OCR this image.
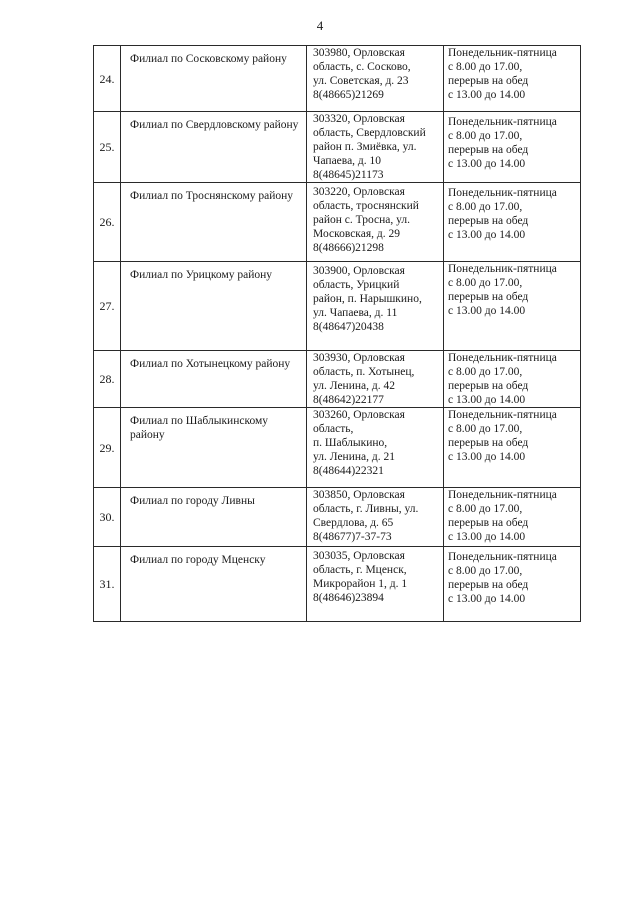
4
24.	Филиал по Сосковскому району	303980, Орловская
область, с. Сосково,
ул. Советская, д. 23
8(48665)21269	Понедельник-пятница
с 8.00 до 17.00,
перерыв на обед
с 13.00 до 14.00

25.	Филиал по Свердловскому району	303320, Орловская
область, Свердловский
район п. Змиёвка, ул.
Чапаева, д. 10
8(48645)21173	Понедельник-пятница
с 8.00 до 17.00,
перерыв на обед
с 13.00 до 14.00

26.	Филиал по Троснянскому району	303220, Орловская
область, троснянский
район с. Тросна, ул.
Московская, д. 29
8(48666)21298	Понедельник-пятница
с 8.00 до 17.00,
перерыв на обед
с 13.00 до 14.00

27.	Филиал по Урицкому району	303900, Орловская
область, Урицкий
район, п. Нарышкино,
ул. Чапаева, д. 11
8(48647)20438	Понедельник-пятница
с 8.00 до 17.00,
перерыв на обед
с 13.00 до 14.00

28.	Филиал по Хотынецкому району	303930, Орловская
область, п. Хотынец,
ул. Ленина, д. 42
8(48642)22177	Понедельник-пятница
с 8.00 до 17.00,
перерыв на обед
с 13.00 до 14.00

29.	Филиал по Шаблыкинскому району	303260, Орловская
область,
п. Шаблыкино,
ул. Ленина, д. 21
8(48644)22321	Понедельник-пятница
с 8.00 до 17.00,
перерыв на обед
с 13.00 до 14.00

30.	Филиал по городу Ливны	303850, Орловская
область, г. Ливны, ул.
Свердлова, д. 65
8(48677)7-37-73	Понедельник-пятница
с 8.00 до 17.00,
перерыв на обед
с 13.00 до 14.00

31.	Филиал по городу Мценску	303035, Орловская
область, г. Мценск,
Микрорайон 1, д. 1
8(48646)23894	Понедельник-пятница
с 8.00 до 17.00,
перерыв на обед
с 13.00 до 14.00
